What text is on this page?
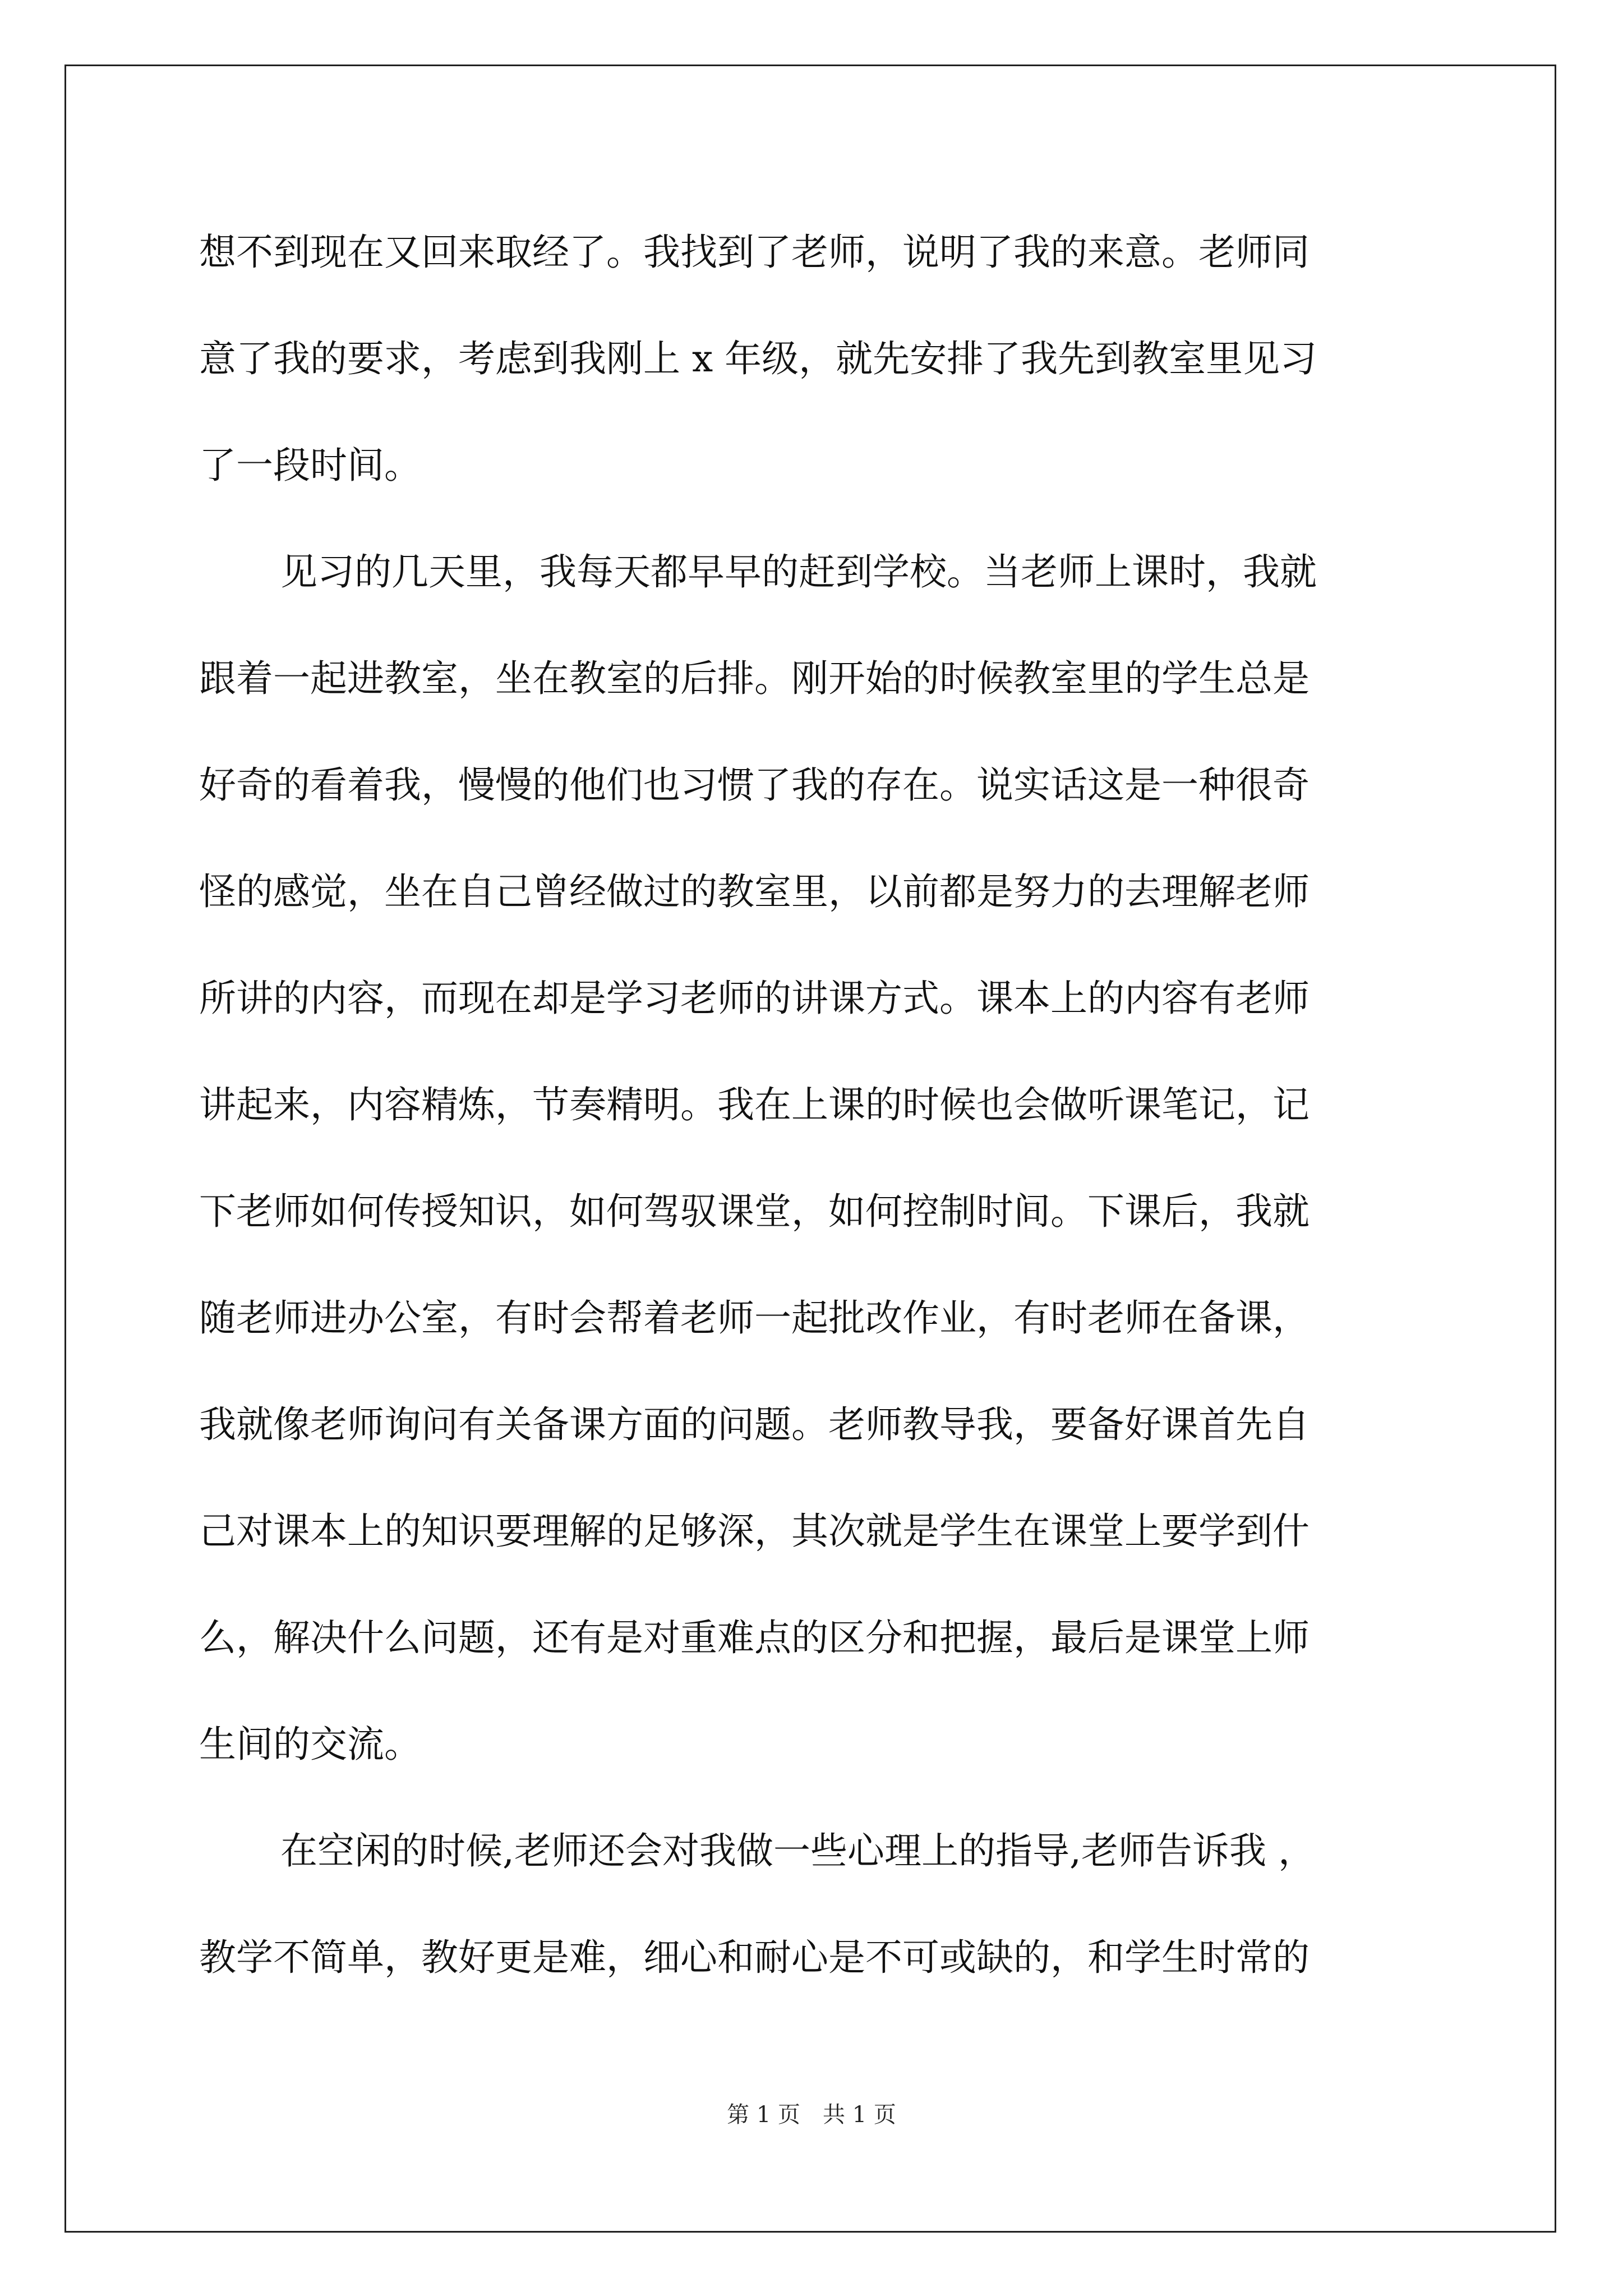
想不到现在又回来取经了。我找到了老师，说明了我的来意。老师同
意了我的要求，考虑到我刚上 x 年级，就先安排了我先到教室里见习
了一段时间。
见习的几天里，我每天都早早的赶到学校。当老师上课时，我就
跟着一起进教室，坐在教室的后排。刚开始的时候教室里的学生总是
好奇的看着我，慢慢的他们也习惯了我的存在。说实话这是一种很奇
怪的感觉，坐在自己曾经做过的教室里，以前都是努力的去理解老师
所讲的内容，而现在却是学习老师的讲课方式。课本上的内容有老师
讲起来，内容精炼，节奏精明。我在上课的时候也会做听课笔记，记
下老师如何传授知识，如何驾驭课堂，如何控制时间。下课后，我就
随老师进办公室，有时会帮着老师一起批改作业，有时老师在备课，
我就像老师询问有关备课方面的问题。老师教导我，要备好课首先自
己对课本上的知识要理解的足够深，其次就是学生在课堂上要学到什
么，解决什么问题，还有是对重难点的区分和把握，最后是课堂上师
生间的交流。
在空闲的时候,老师还会对我做一些心理上的指导,老师告诉我 ，
教学不简单，教好更是难，细心和耐心是不可或缺的，和学生时常的
第 1 页　共 1 页
